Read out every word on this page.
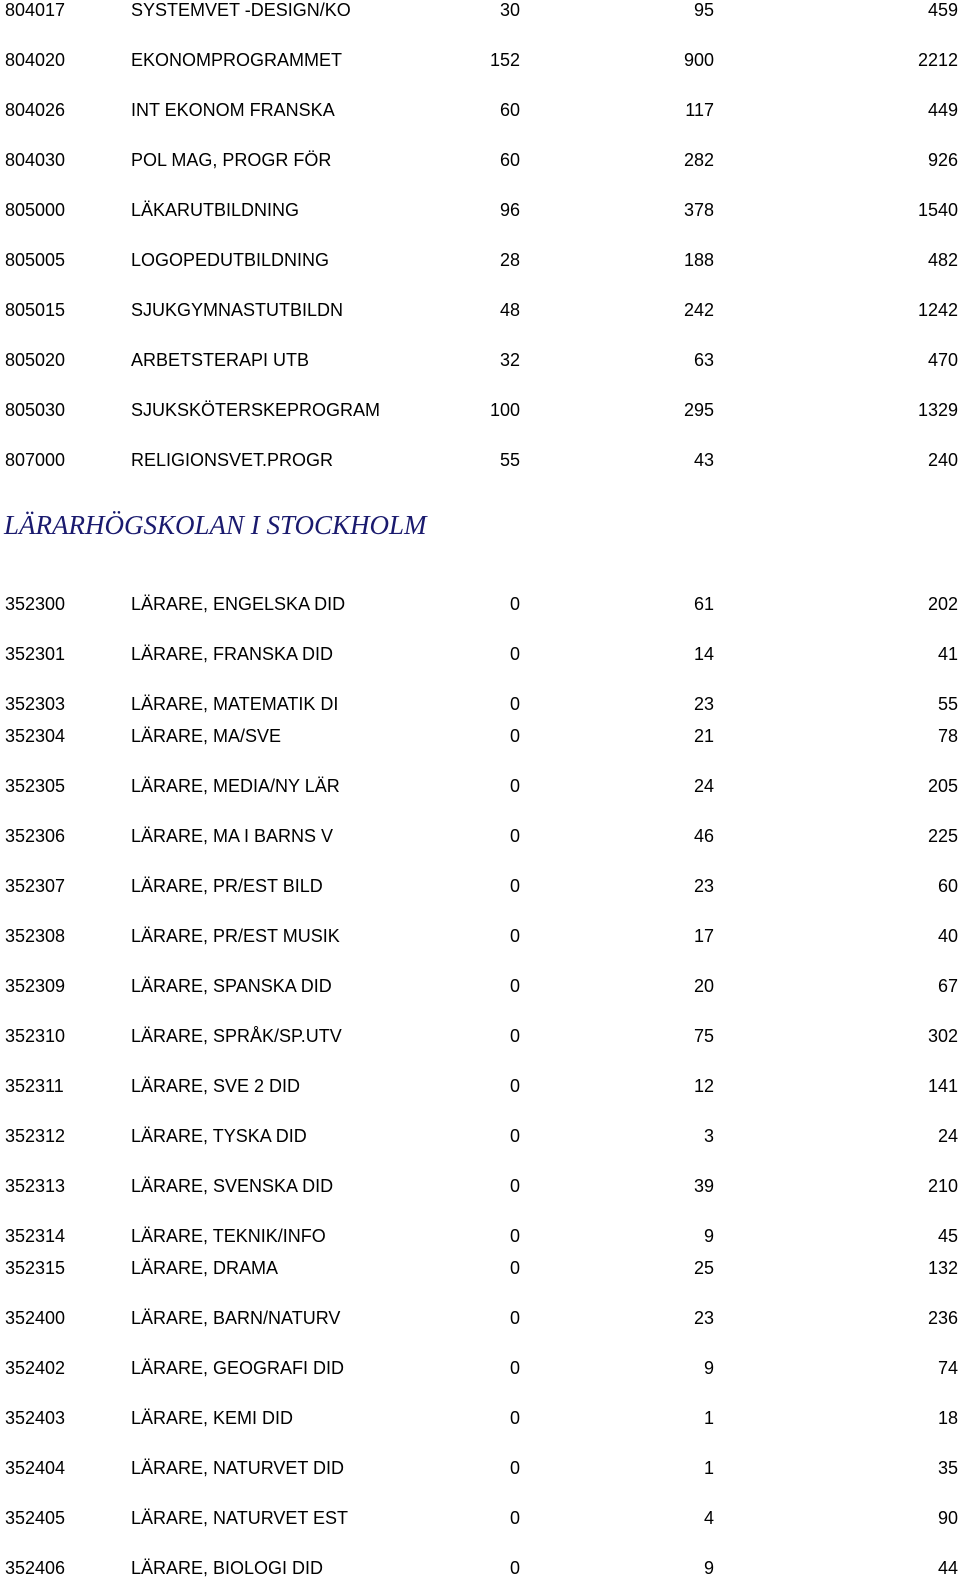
804017	SYSTEMVET -DESIGN/KO	30	95	459
804020	EKONOMPROGRAMMET	152	900	2212
804026	INT EKONOM FRANSKA	60	117	449
804030	POL MAG, PROGR FÖR	60	282	926
805000	LÄKARUTBILDNING	96	378	1540
805005	LOGOPEDUTBILDNING	28	188	482
805015	SJUKGYMNASTUTBILDN	48	242	1242
805020	ARBETSTERAPI UTB	32	63	470
805030	SJUKSKÖTERSKEPROGRAM	100	295	1329
807000	RELIGIONSVET.PROGR	55	43	240
LÄRARHÖGSKOLAN I STOCKHOLM
352300	LÄRARE, ENGELSKA DID	0	61	202
352301	LÄRARE, FRANSKA DID	0	14	41
352303	LÄRARE, MATEMATIK DI	0	23	55
352304	LÄRARE, MA/SVE	0	21	78
352305	LÄRARE, MEDIA/NY LÄR	0	24	205
352306	LÄRARE, MA I BARNS V	0	46	225
352307	LÄRARE, PR/EST BILD	0	23	60
352308	LÄRARE, PR/EST MUSIK	0	17	40
352309	LÄRARE, SPANSKA DID	0	20	67
352310	LÄRARE, SPRÅK/SP.UTV	0	75	302
352311	LÄRARE, SVE 2 DID	0	12	141
352312	LÄRARE, TYSKA DID	0	3	24
352313	LÄRARE, SVENSKA DID	0	39	210
352314	LÄRARE, TEKNIK/INFO	0	9	45
352315	LÄRARE, DRAMA	0	25	132
352400	LÄRARE, BARN/NATURV	0	23	236
352402	LÄRARE, GEOGRAFI DID	0	9	74
352403	LÄRARE, KEMI DID	0	1	18
352404	LÄRARE, NATURVET DID	0	1	35
352405	LÄRARE, NATURVET EST	0	4	90
352406	LÄRARE, BIOLOGI DID	0	9	44
